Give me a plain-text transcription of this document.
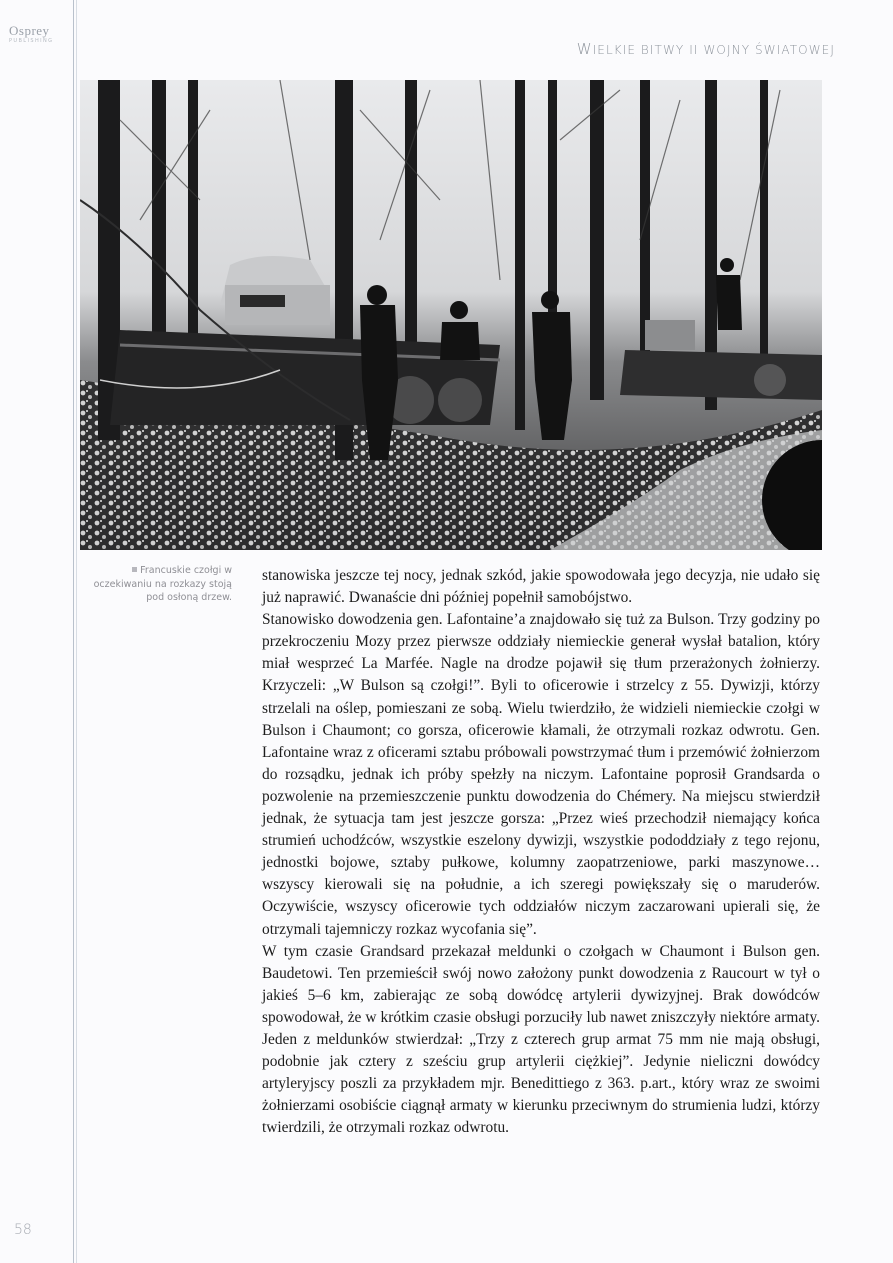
Osprey
PUBLISHING	WIELKIE BITWY II WOJNY ŚWIATOWEJ
Francuskie czołgi w oczekiwaniu na rozkazy stoją pod osłoną drzew.

stanowiska jeszcze tej nocy, jednak szkód, jakie spowodowała jego decyzja, nie udało się już naprawić. Dwanaście dni później popełnił samobójstwo.

Stanowisko dowodzenia gen. Lafontaine’a znajdowało się tuż za Bulson. Trzy godziny po przekroczeniu Mozy przez pierwsze oddziały niemieckie generał wysłał batalion, który miał wesprzeć La Marfée. Nagle na drodze pojawił się tłum przerażonych żołnierzy. Krzyczeli: „W Bulson są czołgi!”. Byli to oficerowie i strzelcy z 55. Dywizji, którzy strzelali na oślep, pomieszani ze sobą. Wielu twierdziło, że widzieli niemieckie czołgi w Bulson i Chaumont; co gorsza, oficerowie kłamali, że otrzymali rozkaz odwrotu. Gen. Lafontaine wraz z oficerami sztabu próbowali powstrzymać tłum i przemówić żołnierzom do rozsądku, jednak ich próby spełzły na niczym. Lafontaine poprosił Grandsarda o pozwolenie na przemieszczenie punktu dowodzenia do Chémery. Na miejscu stwierdził jednak, że sytuacja tam jest jeszcze gorsza: „Przez wieś przechodził niemający końca strumień uchodźców, wszystkie eszelony dywizji, wszystkie pododdziały z tego rejonu, jednostki bojowe, sztaby pułkowe, kolumny zaopatrzeniowe, parki maszynowe… wszyscy kierowali się na południe, a ich szeregi powiększały się o maruderów. Oczywiście, wszyscy oficerowie tych oddziałów niczym zaczarowani upierali się, że otrzymali tajemniczy rozkaz wycofania się”.

W tym czasie Grandsard przekazał meldunki o czołgach w Chaumont i Bulson gen. Baudetowi. Ten przemieścił swój nowo założony punkt dowodzenia z Raucourt w tył o jakieś 5–6 km, zabierając ze sobą dowódcę artylerii dywizyjnej. Brak dowódców spowodował, że w krótkim czasie obsługi porzuciły lub nawet zniszczyły niektóre armaty. Jeden z meldunków stwierdzał: „Trzy z czterech grup armat 75 mm nie mają obsługi, podobnie jak cztery z sześciu grup artylerii ciężkiej”. Jedynie nieliczni dowódcy artyleryjscy poszli za przykładem mjr. Benedittiego z 363. p.art., który wraz ze swoimi żołnierzami osobiście ciągnął armaty w kierunku przeciwnym do strumienia ludzi, którzy twierdzili, że otrzymali rozkaz odwrotu.

58
